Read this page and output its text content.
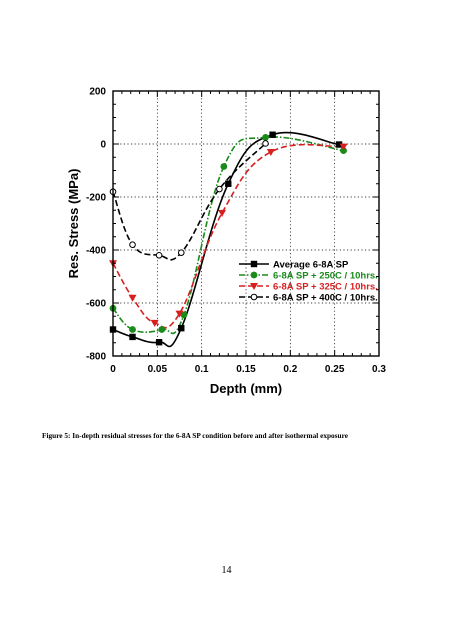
0	0.05	0.1	0.15	0.2	0.25	0.3
-800
-600
-400
-200
0
200
Depth (mm)
Res. Stress (MPa)	Average 6-8A SP
6-8A SP + 250C / 10hrs.
6-8A SP + 325C / 10hrs.
6-8A SP + 400C / 10hrs.
Figure 5: In-depth residual stresses for the 6-8A SP condition before and after isothermal exposure
14
